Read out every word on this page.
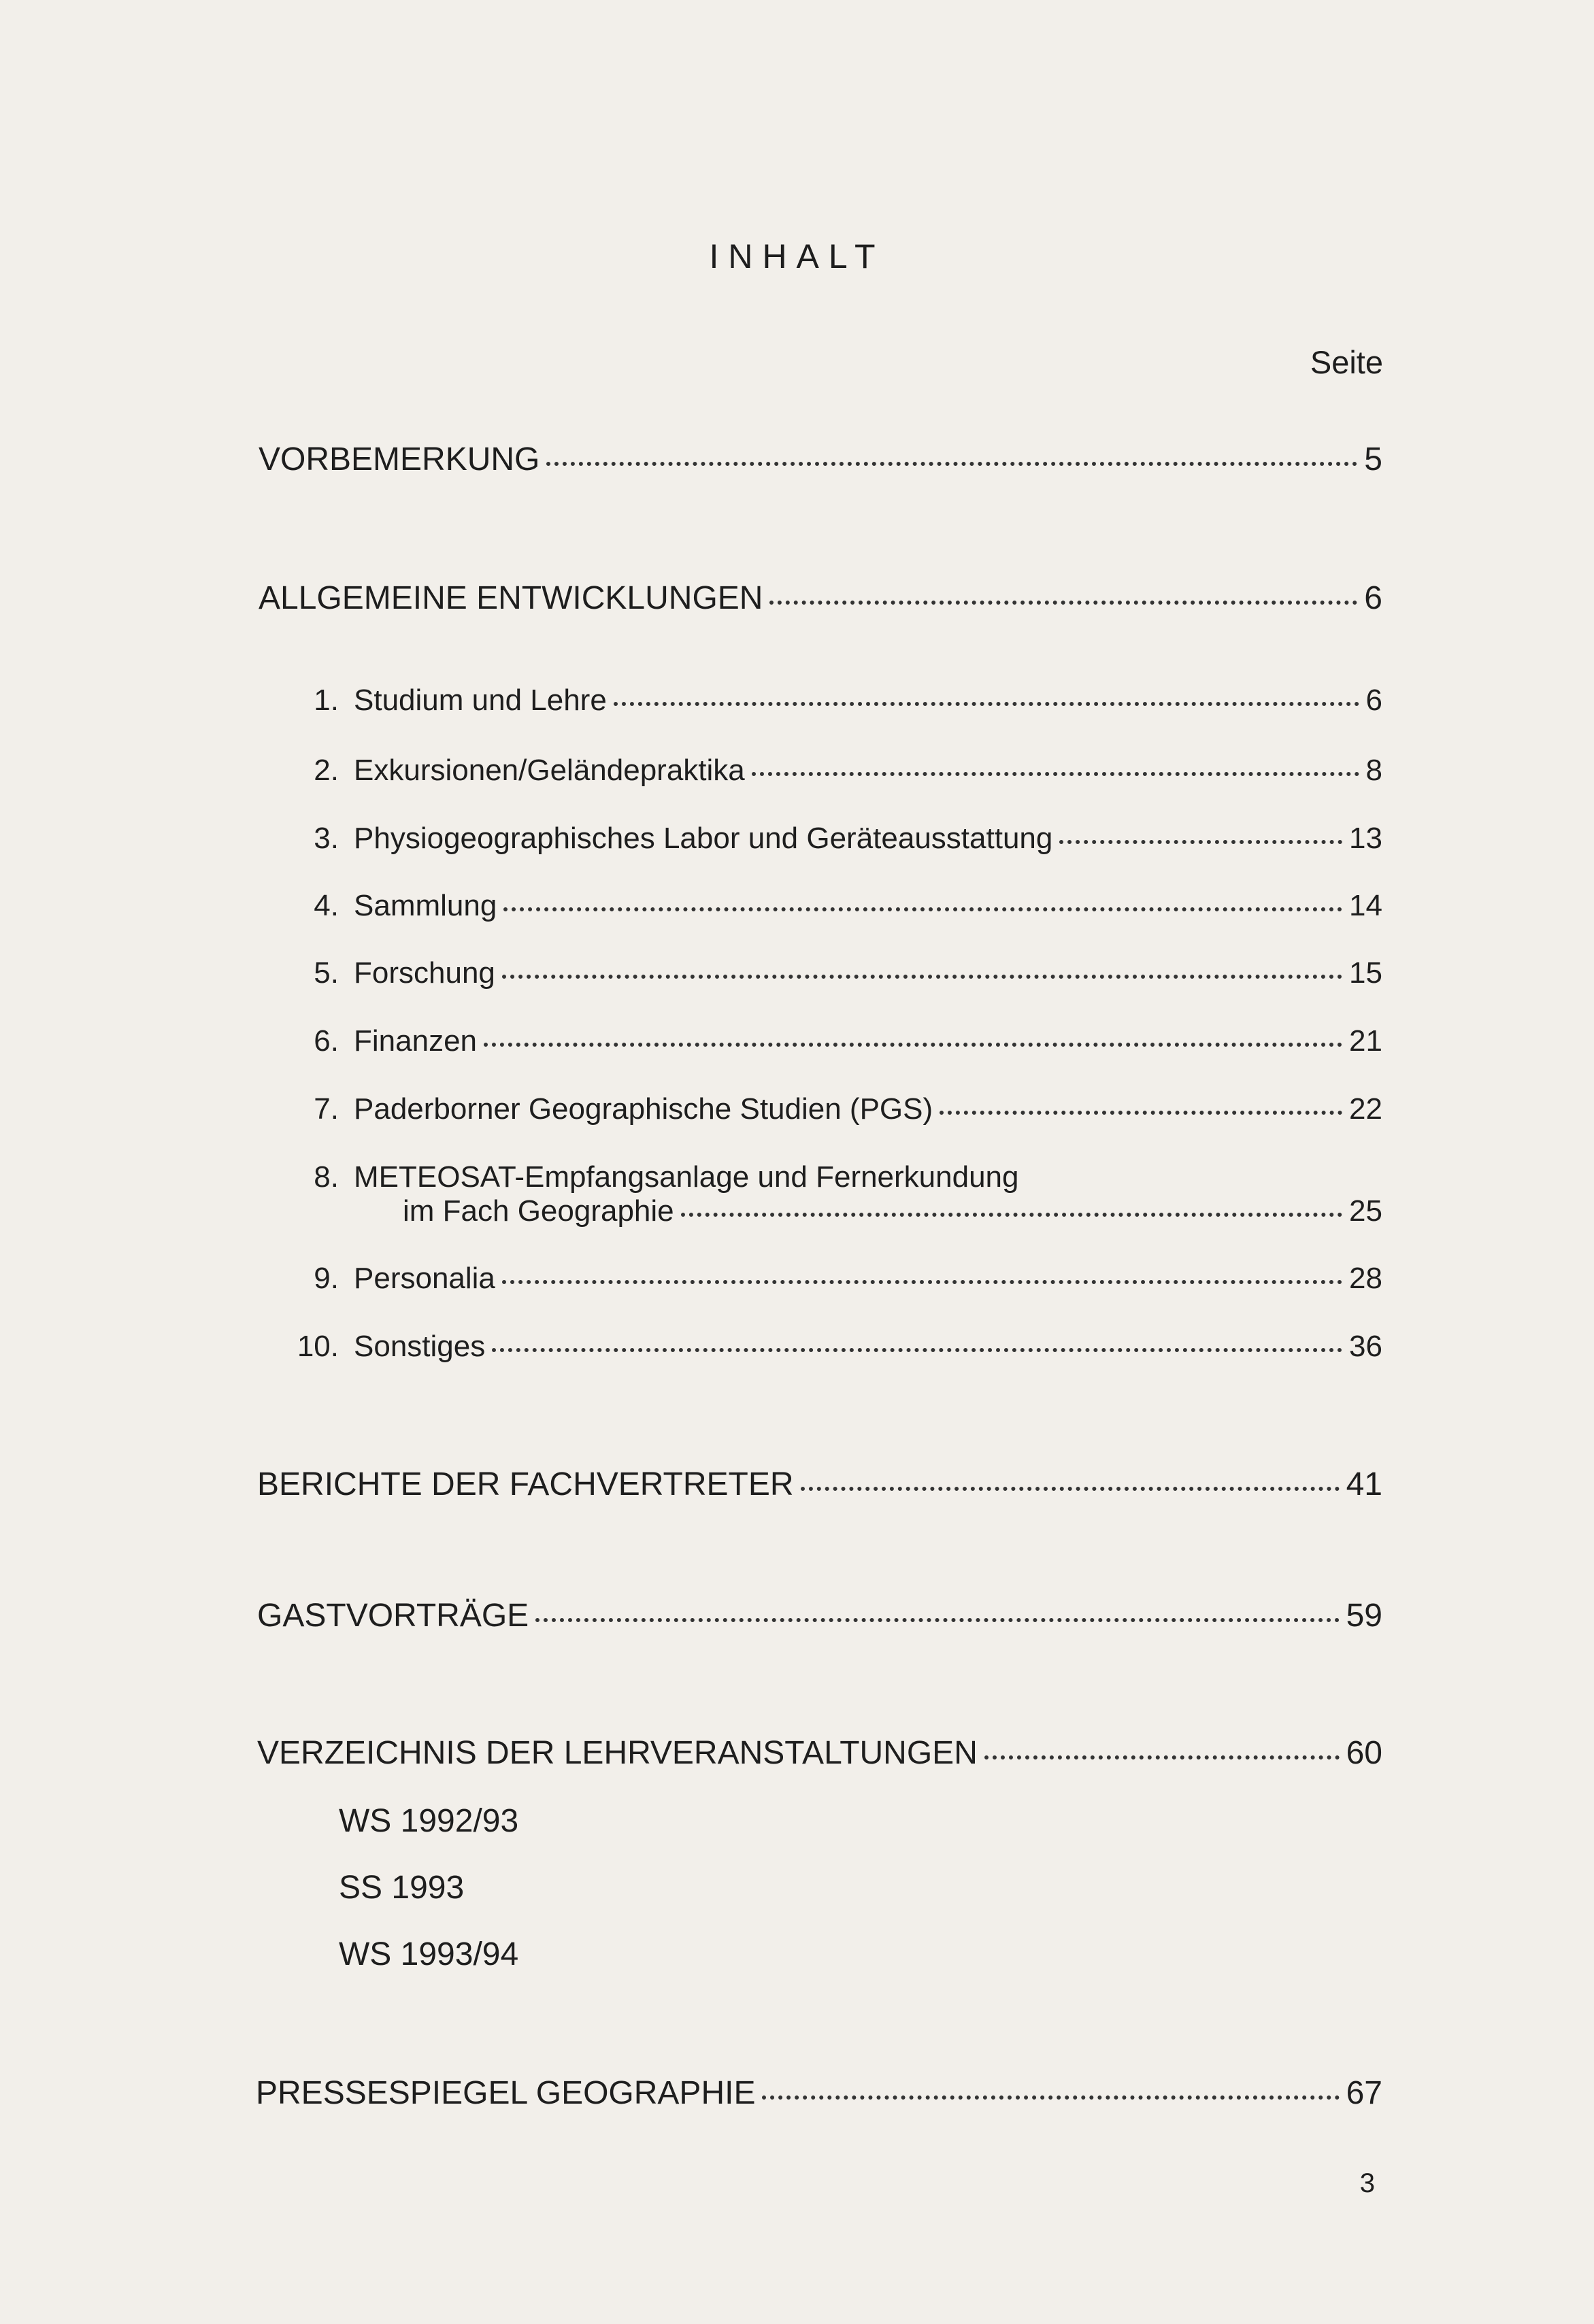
INHALT
Seite
VORBEMERKUNG	5
ALLGEMEINE ENTWICKLUNGEN	6
1. Studium und Lehre	6
2. Exkursionen/Geländepraktika	8
3. Physiogeographisches Labor und Geräteausstattung	13
4. Sammlung	14
5. Forschung	15
6. Finanzen	21
7. Paderborner Geographische Studien (PGS)	22
8. METEOSAT-Empfangsanlage und Fernerkundung
im Fach Geographie	25
9. Personalia	28
10. Sonstiges	36
BERICHTE DER FACHVERTRETER	41
GASTVORTRÄGE	59
VERZEICHNIS DER LEHRVERANSTALTUNGEN	60
WS 1992/93
SS 1993
WS 1993/94
PRESSESPIEGEL GEOGRAPHIE	67
3
